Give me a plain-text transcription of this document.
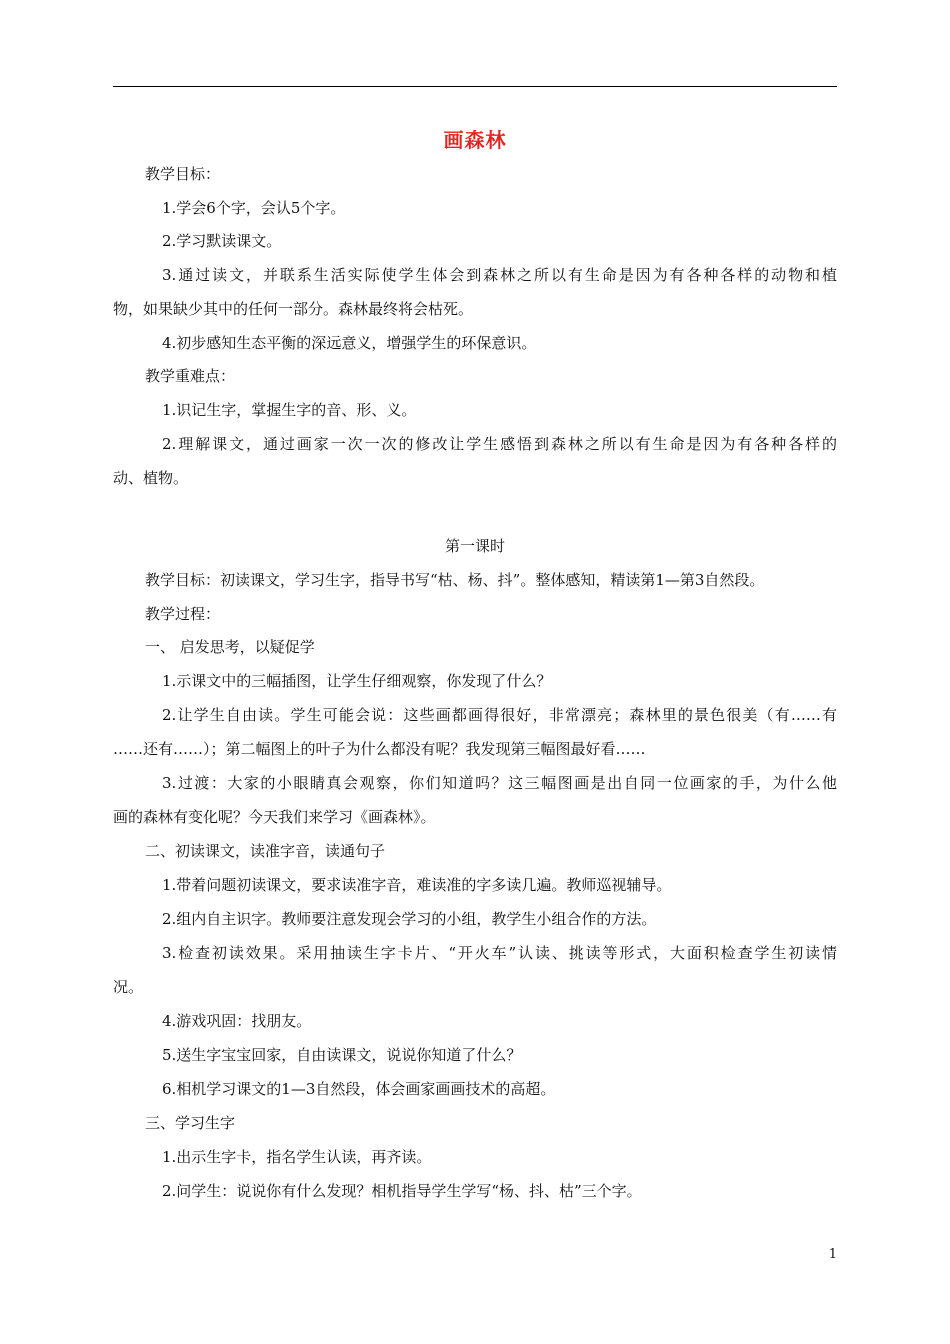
画森林
教学目标：
1.学会6个字，会认5个字。
2.学习默读课文。
3.通过读文，并联系生活实际使学生体会到森林之所以有生命是因为有各种各样的动物和植
物，如果缺少其中的任何一部分。森林最终将会枯死。
4.初步感知生态平衡的深远意义，增强学生的环保意识。
教学重难点：
1.识记生字，掌握生字的音、形、义。
2.理解课文，通过画家一次一次的修改让学生感悟到森林之所以有生命是因为有各种各样的
动、植物。
第一课时
教学目标：初读课文，学习生字，指导书写“枯、杨、抖”。整体感知，精读第1—第3自然段。
教学过程：
一、 启发思考，以疑促学
1.示课文中的三幅插图，让学生仔细观察，你发现了什么？
2.让学生自由读。学生可能会说：这些画都画得很好，非常漂亮；森林里的景色很美（有……有
……还有……）；第二幅图上的叶子为什么都没有呢？我发现第三幅图最好看……
3.过渡：大家的小眼睛真会观察，你们知道吗？这三幅图画是出自同一位画家的手，为什么他
画的森林有变化呢？今天我们来学习《画森林》。
二、初读课文，读准字音，读通句子
1.带着问题初读课文，要求读准字音，难读准的字多读几遍。教师巡视辅导。
2.组内自主识字。教师要注意发现会学习的小组，教学生小组合作的方法。
3.检查初读效果。采用抽读生字卡片、“开火车”认读、挑读等形式，大面积检查学生初读情
况。
4.游戏巩固：找朋友。
5.送生字宝宝回家，自由读课文，说说你知道了什么？
6.相机学习课文的1—3自然段，体会画家画画技术的高超。
三、学习生字
1.出示生字卡，指名学生认读，再齐读。
2.问学生：说说你有什么发现？相机指导学生学写“杨、抖、枯”三个字。
1
